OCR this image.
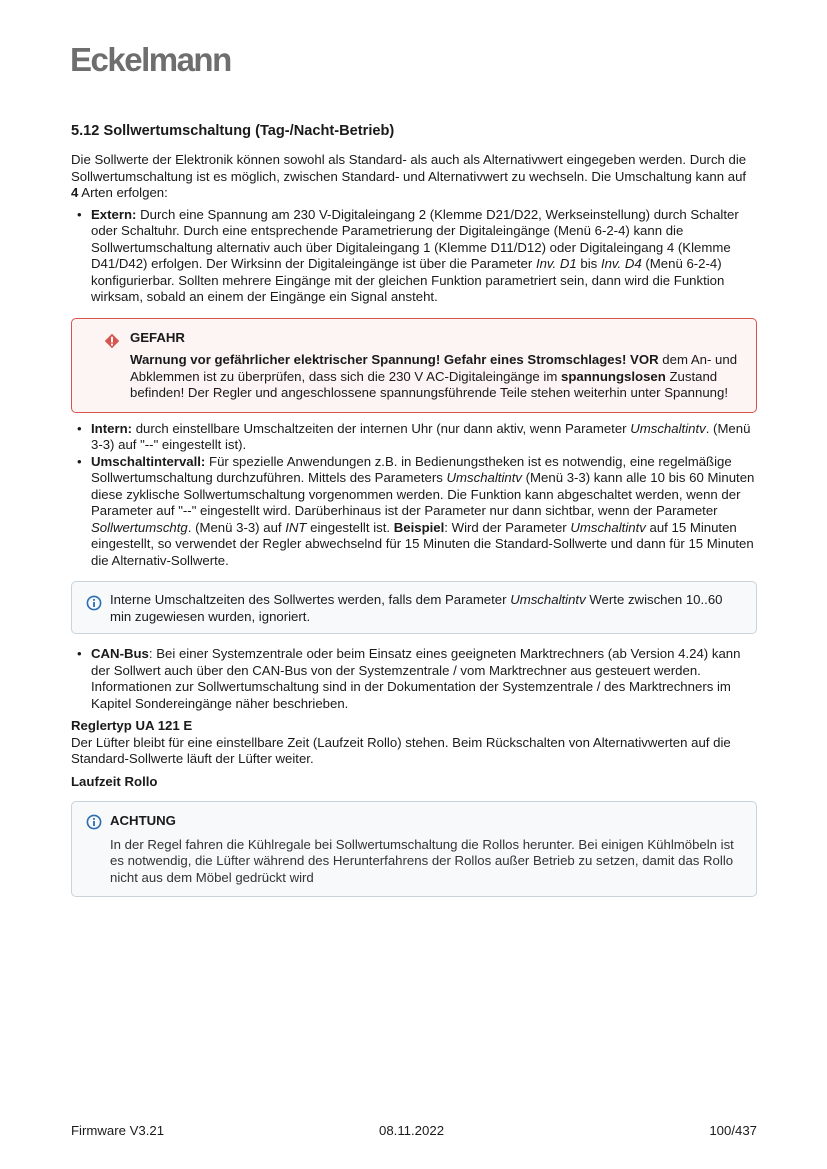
Eckelmann
5.12 Sollwertumschaltung (Tag-/Nacht-Betrieb)

Die Sollwerte der Elektronik können sowohl als Standard- als auch als Alternativwert eingegeben werden. Durch die Sollwertumschaltung ist es möglich, zwischen Standard- und Alternativwert zu wechseln. Die Umschaltung kann auf 4 Arten erfolgen:

• Extern: Durch eine Spannung am 230 V-Digitaleingang 2 (Klemme D21/D22, Werkseinstellung) durch Schalter oder Schaltuhr. Durch eine entsprechende Parametrierung der Digitaleingänge (Menü 6-2-4) kann die Sollwertumschaltung alternativ auch über Digitaleingang 1 (Klemme D11/D12) oder Digitaleingang 4 (Klemme D41/D42) erfolgen. Der Wirksinn der Digitaleingänge ist über die Parameter Inv. D1 bis Inv. D4 (Menü 6-2-4) konfigurierbar. Sollten mehrere Eingänge mit der gleichen Funktion parametriert sein, dann wird die Funktion wirksam, sobald an einem der Eingänge ein Signal ansteht.
GEFAHR
Warnung vor gefährlicher elektrischer Spannung! Gefahr eines Stromschlages! VOR dem An- und Abklemmen ist zu überprüfen, dass sich die 230 V AC-Digitaleingänge im spannungslosen Zustand befinden! Der Regler und angeschlossene spannungsführende Teile stehen weiterhin unter Spannung!
• Intern: durch einstellbare Umschaltzeiten der internen Uhr (nur dann aktiv, wenn Parameter Umschaltintv. (Menü 3-3) auf "--" eingestellt ist).
• Umschaltintervall: Für spezielle Anwendungen z.B. in Bedienungstheken ist es notwendig, eine regelmäßige Sollwertumschaltung durchzuführen. Mittels des Parameters Umschaltintv (Menü 3-3) kann alle 10 bis 60 Minuten diese zyklische Sollwertumschaltung vorgenommen werden. Die Funktion kann abgeschaltet werden, wenn der Parameter auf "--" eingestellt wird. Darüberhinaus ist der Parameter nur dann sichtbar, wenn der Parameter Sollwertumschtg. (Menü 3-3) auf INT eingestellt ist. Beispiel: Wird der Parameter Umschaltintv auf 15 Minuten eingestellt, so verwendet der Regler abwechselnd für 15 Minuten die Standard-Sollwerte und dann für 15 Minuten die Alternativ-Sollwerte.
Interne Umschaltzeiten des Sollwertes werden, falls dem Parameter Umschaltintv Werte zwischen 10..60 min zugewiesen wurden, ignoriert.
• CAN-Bus: Bei einer Systemzentrale oder beim Einsatz eines geeigneten Marktrechners (ab Version 4.24) kann der Sollwert auch über den CAN-Bus von der Systemzentrale / vom Marktrechner aus gesteuert werden. Informationen zur Sollwertumschaltung sind in der Dokumentation der Systemzentrale / des Marktrechners im Kapitel Sondereingänge näher beschrieben.

Reglertyp UA 121 E

Der Lüfter bleibt für eine einstellbare Zeit (Laufzeit Rollo) stehen. Beim Rückschalten von Alternativwerten auf die Standard-Sollwerte läuft der Lüfter weiter.

Laufzeit Rollo

ACHTUNG
In der Regel fahren die Kühlregale bei Sollwertumschaltung die Rollos herunter. Bei einigen Kühlmöbeln ist es notwendig, die Lüfter während des Herunterfahrens der Rollos außer Betrieb zu setzen, damit das Rollo nicht aus dem Möbel gedrückt wird
Firmware V3.21	08.11.2022	100/437
